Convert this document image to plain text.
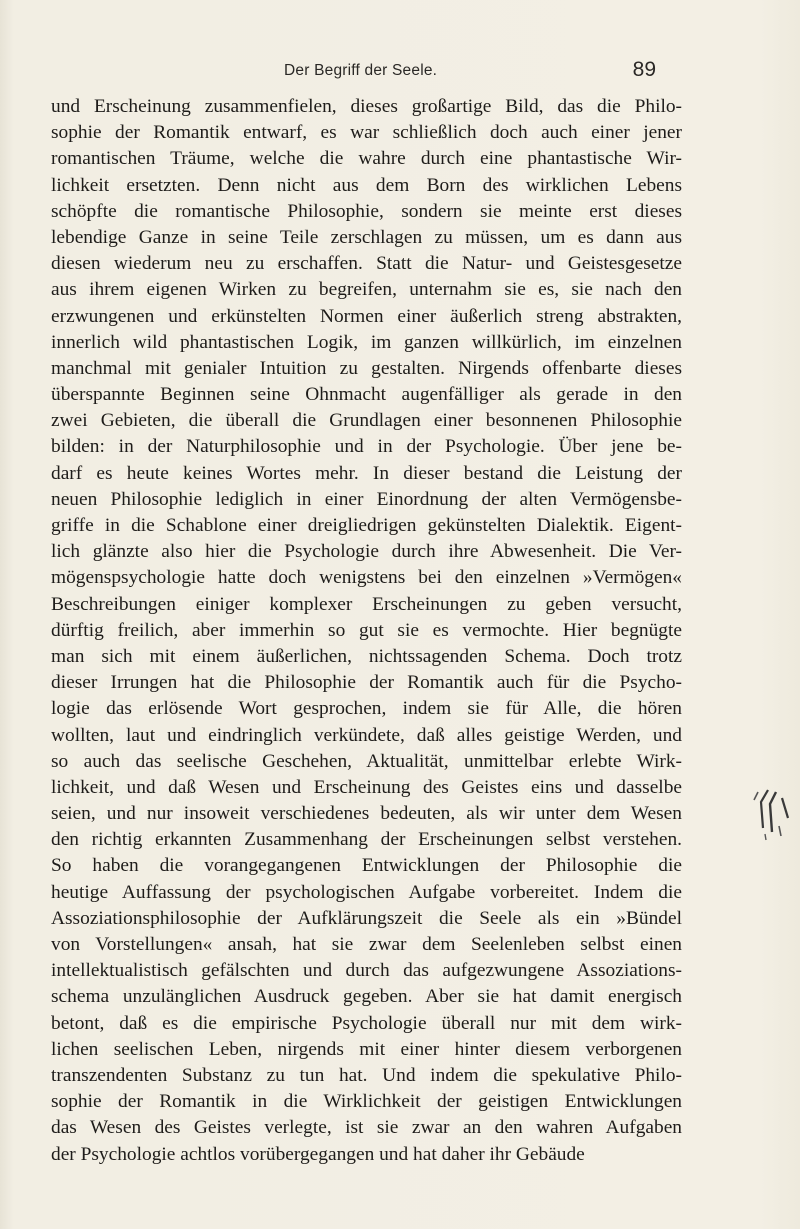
Der Begriff der Seele.	89
und Erscheinung zusammenfielen, dieses großartige Bild, das die Philo-
sophie der Romantik entwarf, es war schließlich doch auch einer jener
romantischen Träume, welche die wahre durch eine phantastische Wir-
lichkeit ersetzten. Denn nicht aus dem Born des wirklichen Lebens
schöpfte die romantische Philosophie, sondern sie meinte erst dieses
lebendige Ganze in seine Teile zerschlagen zu müssen, um es dann aus
diesen wiederum neu zu erschaffen. Statt die Natur- und Geistesgesetze
aus ihrem eigenen Wirken zu begreifen, unternahm sie es, sie nach den
erzwungenen und erkünstelten Normen einer äußerlich streng abstrakten,
innerlich wild phantastischen Logik, im ganzen willkürlich, im einzelnen
manchmal mit genialer Intuition zu gestalten. Nirgends offenbarte dieses
überspannte Beginnen seine Ohnmacht augenfälliger als gerade in den
zwei Gebieten, die überall die Grundlagen einer besonnenen Philosophie
bilden: in der Naturphilosophie und in der Psychologie. Über jene be-
darf es heute keines Wortes mehr. In dieser bestand die Leistung der
neuen Philosophie lediglich in einer Einordnung der alten Vermögensbe-
griffe in die Schablone einer dreigliedrigen gekünstelten Dialektik. Eigent-
lich glänzte also hier die Psychologie durch ihre Abwesenheit. Die Ver-
mögenspsychologie hatte doch wenigstens bei den einzelnen »Vermögen«
Beschreibungen einiger komplexer Erscheinungen zu geben versucht,
dürftig freilich, aber immerhin so gut sie es vermochte. Hier begnügte
man sich mit einem äußerlichen, nichtssagenden Schema. Doch trotz
dieser Irrungen hat die Philosophie der Romantik auch für die Psycho-
logie das erlösende Wort gesprochen, indem sie für Alle, die hören
wollten, laut und eindringlich verkündete, daß alles geistige Werden, und
so auch das seelische Geschehen, Aktualität, unmittelbar erlebte Wirk-
lichkeit, und daß Wesen und Erscheinung des Geistes eins und dasselbe
seien, und nur insoweit verschiedenes bedeuten, als wir unter dem Wesen
den richtig erkannten Zusammenhang der Erscheinungen selbst verstehen.
So haben die vorangegangenen Entwicklungen der Philosophie die
heutige Auffassung der psychologischen Aufgabe vorbereitet. Indem die
Assoziationsphilosophie der Aufklärungszeit die Seele als ein »Bündel
von Vorstellungen« ansah, hat sie zwar dem Seelenleben selbst einen
intellektualistisch gefälschten und durch das aufgezwungene Assoziations-
schema unzulänglichen Ausdruck gegeben. Aber sie hat damit energisch
betont, daß es die empirische Psychologie überall nur mit dem wirk-
lichen seelischen Leben, nirgends mit einer hinter diesem verborgenen
transzendenten Substanz zu tun hat. Und indem die spekulative Philo-
sophie der Romantik in die Wirklichkeit der geistigen Entwicklungen
das Wesen des Geistes verlegte, ist sie zwar an den wahren Aufgaben
der Psychologie achtlos vorübergegangen und hat daher ihr Gebäude
